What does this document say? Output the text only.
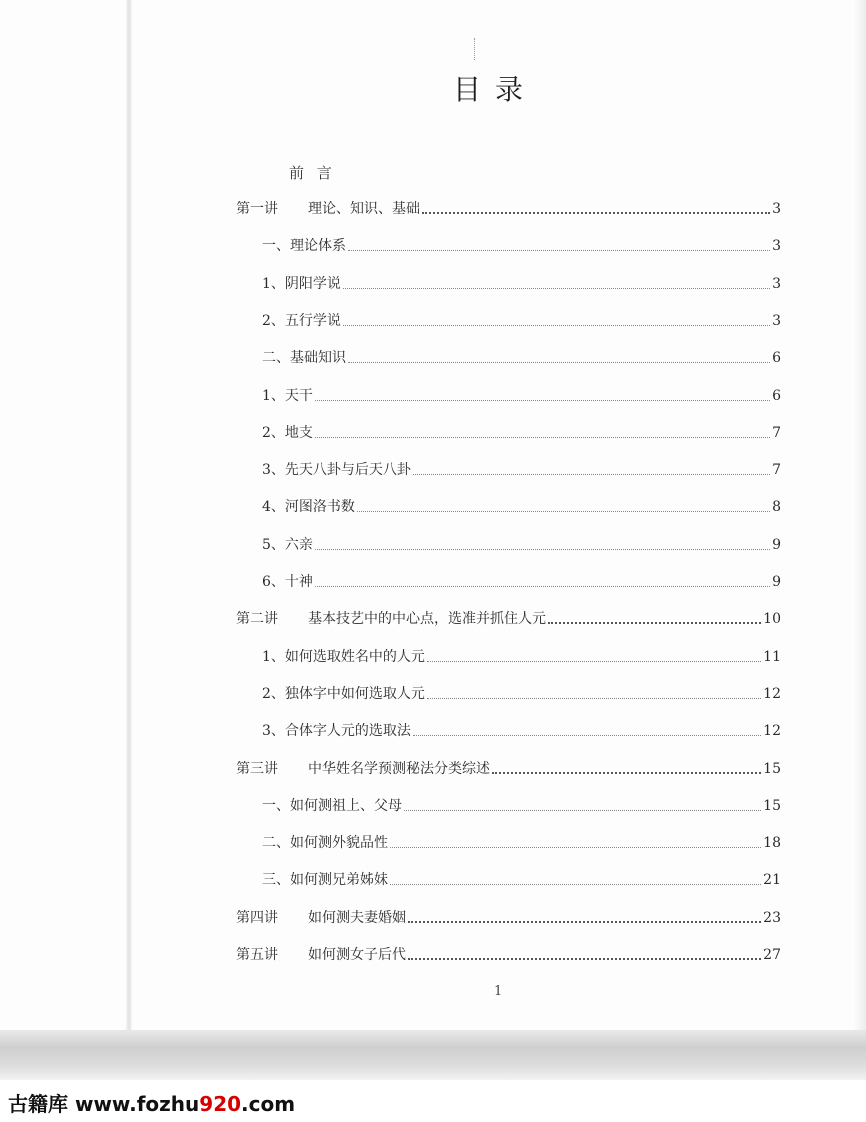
目录
前 言
第一讲	理论、知识、基础	3
一、理论体系	3
1、阴阳学说	3
2、五行学说	3
二、基础知识	6
1、天干	6
2、地支	7
3、先天八卦与后天八卦	7
4、河图洛书数	8
5、六亲	9
6、十神	9
第二讲	基本技艺中的中心点，选准并抓住人元	10
1、如何选取姓名中的人元	11
2、独体字中如何选取人元	12
3、合体字人元的选取法	12
第三讲	中华姓名学预测秘法分类综述	15
一、如何测祖上、父母	15
二、如何测外貌品性	18
三、如何测兄弟姊妹	21
第四讲	如何测夫妻婚姻	23
第五讲	如何测女子后代	27
1
古籍库 www.fozhu920.com
